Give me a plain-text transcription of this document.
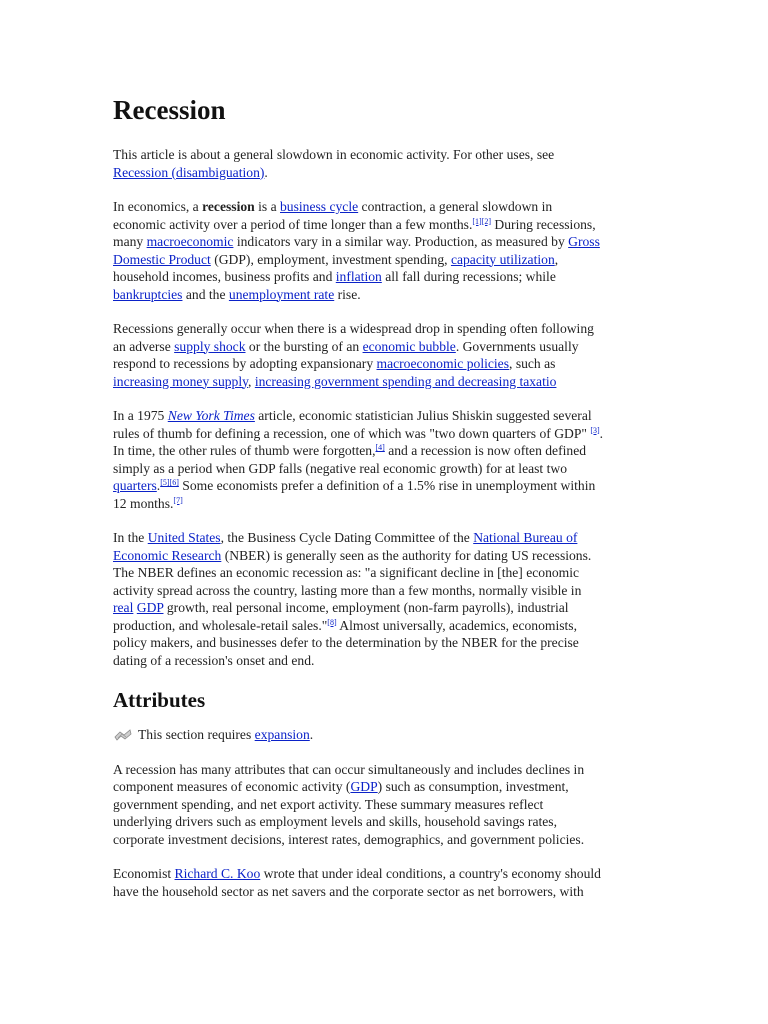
Recession

This article is about a general slowdown in economic activity. For other uses, see
Recession (disambiguation).

In economics, a recession is a business cycle contraction, a general slowdown in
economic activity over a period of time longer than a few months.[1][2] During recessions,
many macroeconomic indicators vary in a similar way. Production, as measured by Gross
Domestic Product (GDP), employment, investment spending, capacity utilization,
household incomes, business profits and inflation all fall during recessions; while
bankruptcies and the unemployment rate rise.

Recessions generally occur when there is a widespread drop in spending often following
an adverse supply shock or the bursting of an economic bubble. Governments usually
respond to recessions by adopting expansionary macroeconomic policies, such as
increasing money supply, increasing government spending and decreasing taxatio

In a 1975 New York Times article, economic statistician Julius Shiskin suggested several
rules of thumb for defining a recession, one of which was "two down quarters of GDP" [3].
In time, the other rules of thumb were forgotten,[4] and a recession is now often defined
simply as a period when GDP falls (negative real economic growth) for at least two
quarters.[5][6] Some economists prefer a definition of a 1.5% rise in unemployment within
12 months.[7]

In the United States, the Business Cycle Dating Committee of the National Bureau of
Economic Research (NBER) is generally seen as the authority for dating US recessions.
The NBER defines an economic recession as: "a significant decline in [the] economic
activity spread across the country, lasting more than a few months, normally visible in
real GDP growth, real personal income, employment (non-farm payrolls), industrial
production, and wholesale-retail sales."[8] Almost universally, academics, economists,
policy makers, and businesses defer to the determination by the NBER for the precise
dating of a recession's onset and end.

Attributes

This section requires expansion.

A recession has many attributes that can occur simultaneously and includes declines in
component measures of economic activity (GDP) such as consumption, investment,
government spending, and net export activity. These summary measures reflect
underlying drivers such as employment levels and skills, household savings rates,
corporate investment decisions, interest rates, demographics, and government policies.

Economist Richard C. Koo wrote that under ideal conditions, a country's economy should
have the household sector as net savers and the corporate sector as net borrowers, with
